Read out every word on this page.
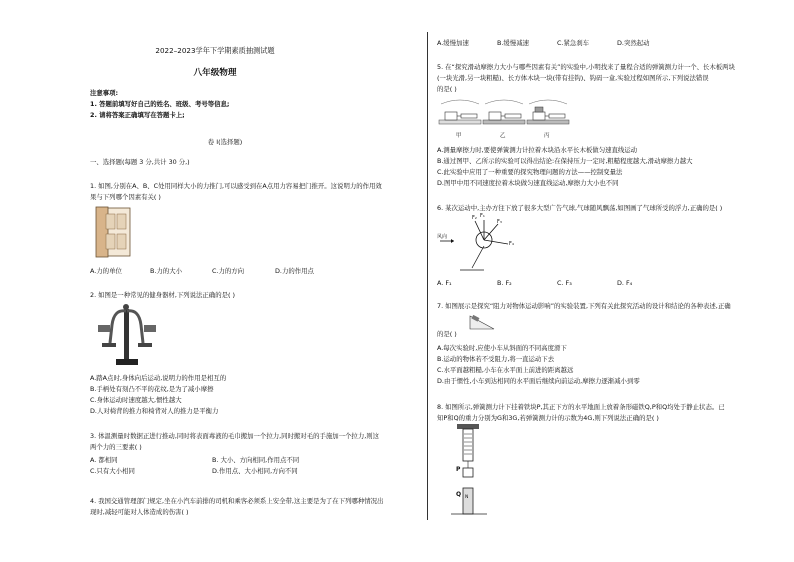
2022–2023学年下学期素质抽测试题
八年级物理
注意事项:
1. 答题前填写好自己的姓名、班级、考号等信息;
2. 请将答案正确填写在答题卡上;
卷 I(选择题)
一、选择题(每题 3 分,共计 30 分,)
1. 如图,分别在A、B、C处用同样大小的力推门,可以感受到在A点用力容易把门推开。这说明力的作用效
果与下列哪个因素有关( )
A.力的单位	B.力的大小	C.力的方向	D.力的作用点
2. 如图是一种常见的健身器材,下列说法正确的是( )
A.踏A点时,身体向后运动,说明力的作用是相互的
B.手柄处有刻凸不平的花纹,是为了减小摩擦
C.身体运动时速度越大,惯性越大
D.人对椅背的推力和椅背对人的推力是平衡力
3. 体温测量时数据正进行推动,同时将表面毒液的毛巾搬加一个拉力,同时搬对毛的手施加一个拉力,则这
两个力的三要素( )
A. 都相同	B. 大小、方向相同,作用点不同
C.只有大小相同	D.作用点、大小相同,方向不同
4. 我国交通管理部门规定,坐在小汽车前排的司机和乘客必须系上安全带,这主要是为了在下列哪种情况出
现时,减轻可能对人体造成的伤害( )
A.缓慢加速	B.缓慢减速	C.紧急刹车	D.突然起动
5. 在“探究滑动摩擦力大小与哪些因素有关”的实验中,小明找来了量程合适的弹簧测力计一个、长木板两块
(一块光滑,另一块粗糙)、长方体木块一块(带有挂钩)、钩码一盒,实验过程如图所示,下列说法错误
的是( )
甲	乙	丙
A.测量摩擦力时,要使弹簧测力计拉着木块沿水平长木板做匀速直线运动
B.通过图甲、乙所示的实验可以得出结论:在保持压力一定时,粗糙程度越大,滑动摩擦力越大
C.此实验中应用了一种重要的探究物理问题的方法——控制变量法
D.图甲中用不同速度拉着木块做匀速直线运动,摩擦力大小也不同
6. 某次运动中,主办方往下放了很多大型广告气球,气球随风飘荡,如图画了气球所受的浮力,正确的是( )
风向
F₁
F₂
F₃
F₄
A. F₁	B. F₂	C. F₃	D. F₄
7. 如图展示是探究“阻力对物体运动影响”的实验装置,下列有关此探究活动的设计和结论的各种表述,正确
的是( )
A.每次实验时,应使小车从斜面的不同高度滑下
B.运动的物体若不受阻力,将一直运动下去
C.水平面越粗糙,小车在水平面上前进的距离越远
D.由于惯性,小车到达相同的水平面后继续向前运动,摩擦力逐渐减小到零
8. 如图所示,弹簧测力计下挂着铁块P,其正下方的水平地面上放着条形磁铁Q,P和Q均处于静止状态。已
知P和Q的重力分别为G和3G,若弹簧测力计的示数为4G,则下列说法正确的是( )
P
Q N
